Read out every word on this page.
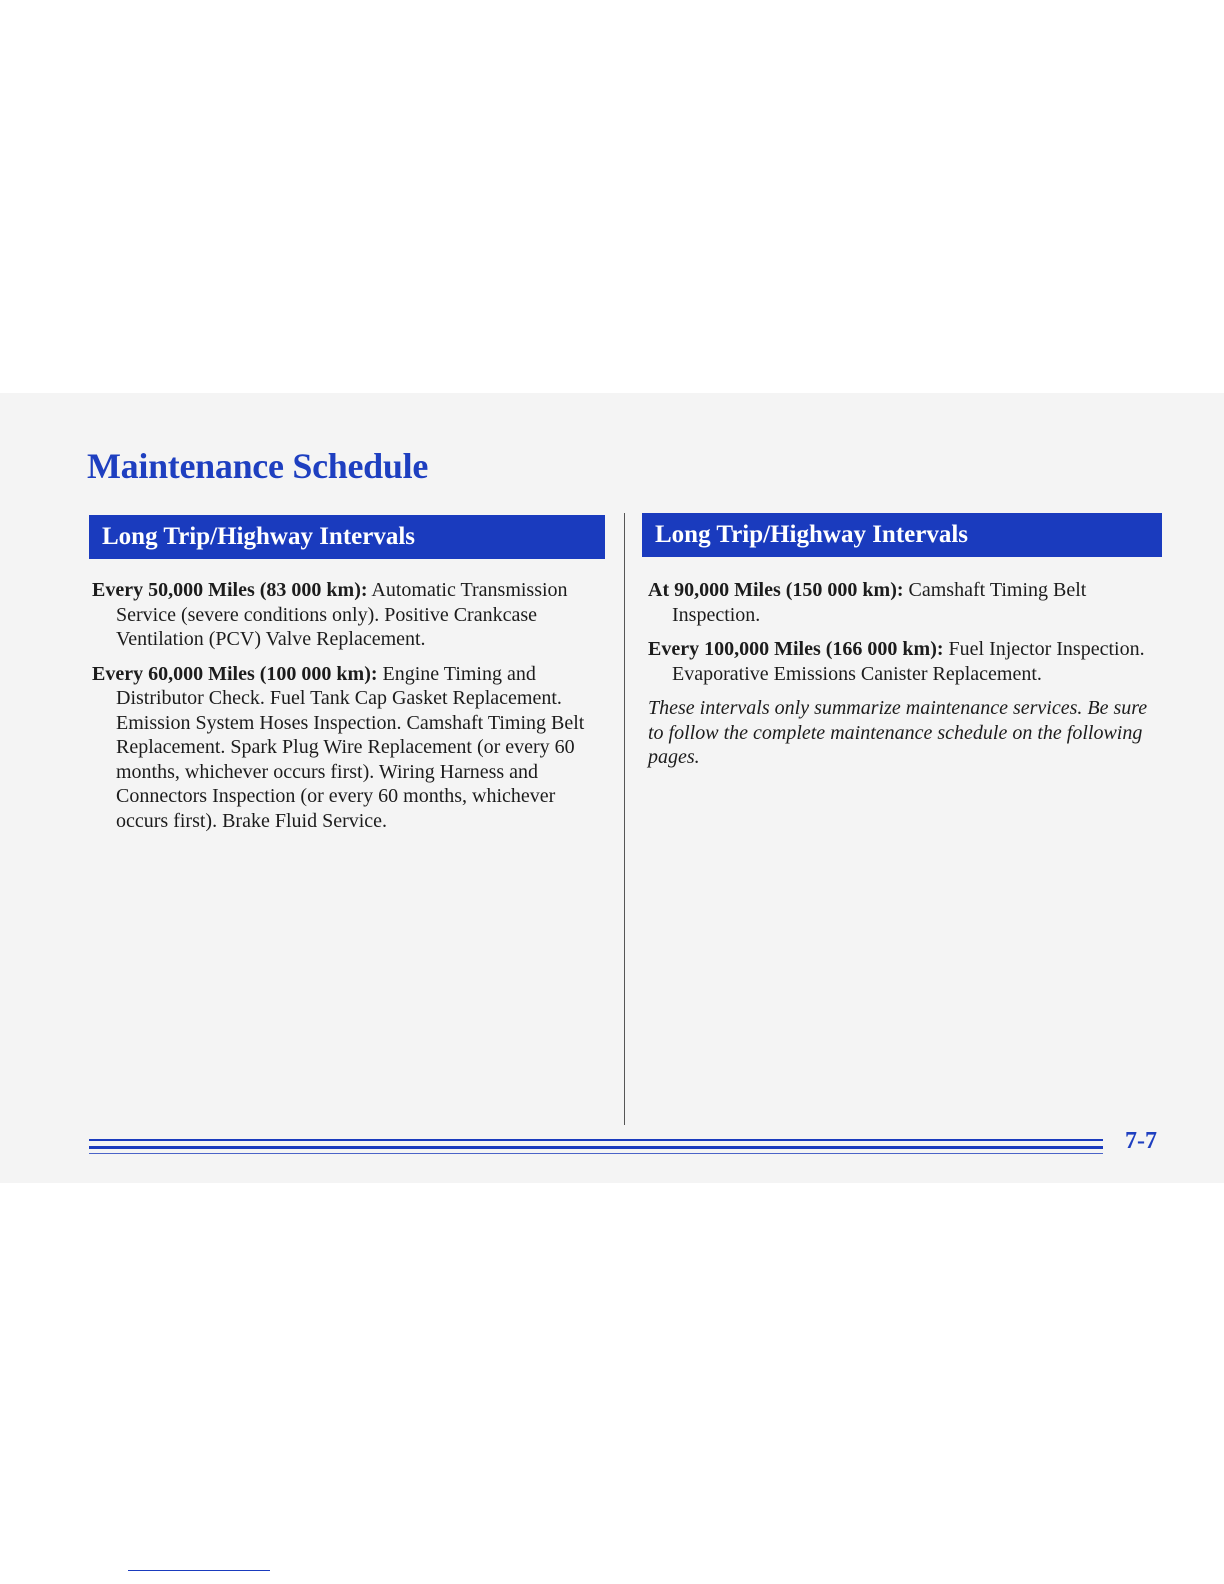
Maintenance Schedule
Long Trip/Highway Intervals	Long Trip/Highway Intervals

Every 50,000 Miles (83 000 km): Automatic Transmission Service (severe conditions only). Positive Crankcase Ventilation (PCV) Valve Replacement.

Every 60,000 Miles (100 000 km): Engine Timing and Distributor Check. Fuel Tank Cap Gasket Replacement. Emission System Hoses Inspection. Camshaft Timing Belt Replacement. Spark Plug Wire Replacement (or every 60 months, whichever occurs first). Wiring Harness and Connectors Inspection (or every 60 months, whichever occurs first). Brake Fluid Service.

At 90,000 Miles (150 000 km): Camshaft Timing Belt Inspection.

Every 100,000 Miles (166 000 km): Fuel Injector Inspection. Evaporative Emissions Canister Replacement.

These intervals only summarize maintenance services. Be sure to follow the complete maintenance schedule on the following pages.

7-7
